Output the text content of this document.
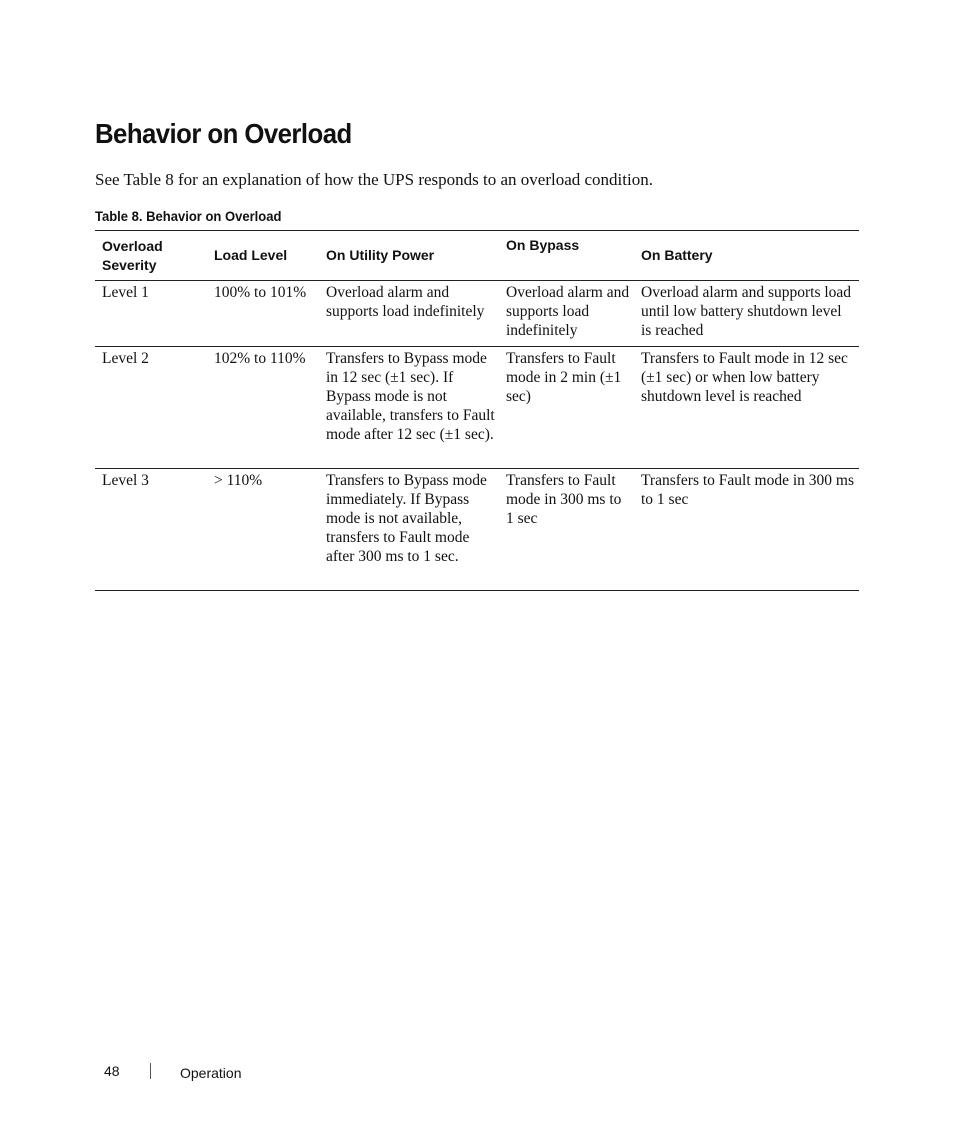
Behavior on Overload

See Table 8 for an explanation of how the UPS responds to an overload condition.

Table 8. Behavior on Overload

Overload Severity	Load Level	On Utility Power	On Bypass	On Battery
Level 1	100% to 101%	Overload alarm and supports load indefinitely	Overload alarm and supports load indefinitely	Overload alarm and supports load until low battery shutdown level is reached
Level 2	102% to 110%	Transfers to Bypass mode in 12 sec (±1 sec). If Bypass mode is not available, transfers to Fault mode after 12 sec (±1 sec).	Transfers to Fault mode in 2 min (±1 sec)	Transfers to Fault mode in 12 sec (±1 sec) or when low battery shutdown level is reached
Level 3	> 110%	Transfers to Bypass mode immediately. If Bypass mode is not available, transfers to Fault mode after 300 ms to 1 sec.	Transfers to Fault mode in 300 ms to 1 sec	Transfers to Fault mode in 300 ms to 1 sec
48	Operation
